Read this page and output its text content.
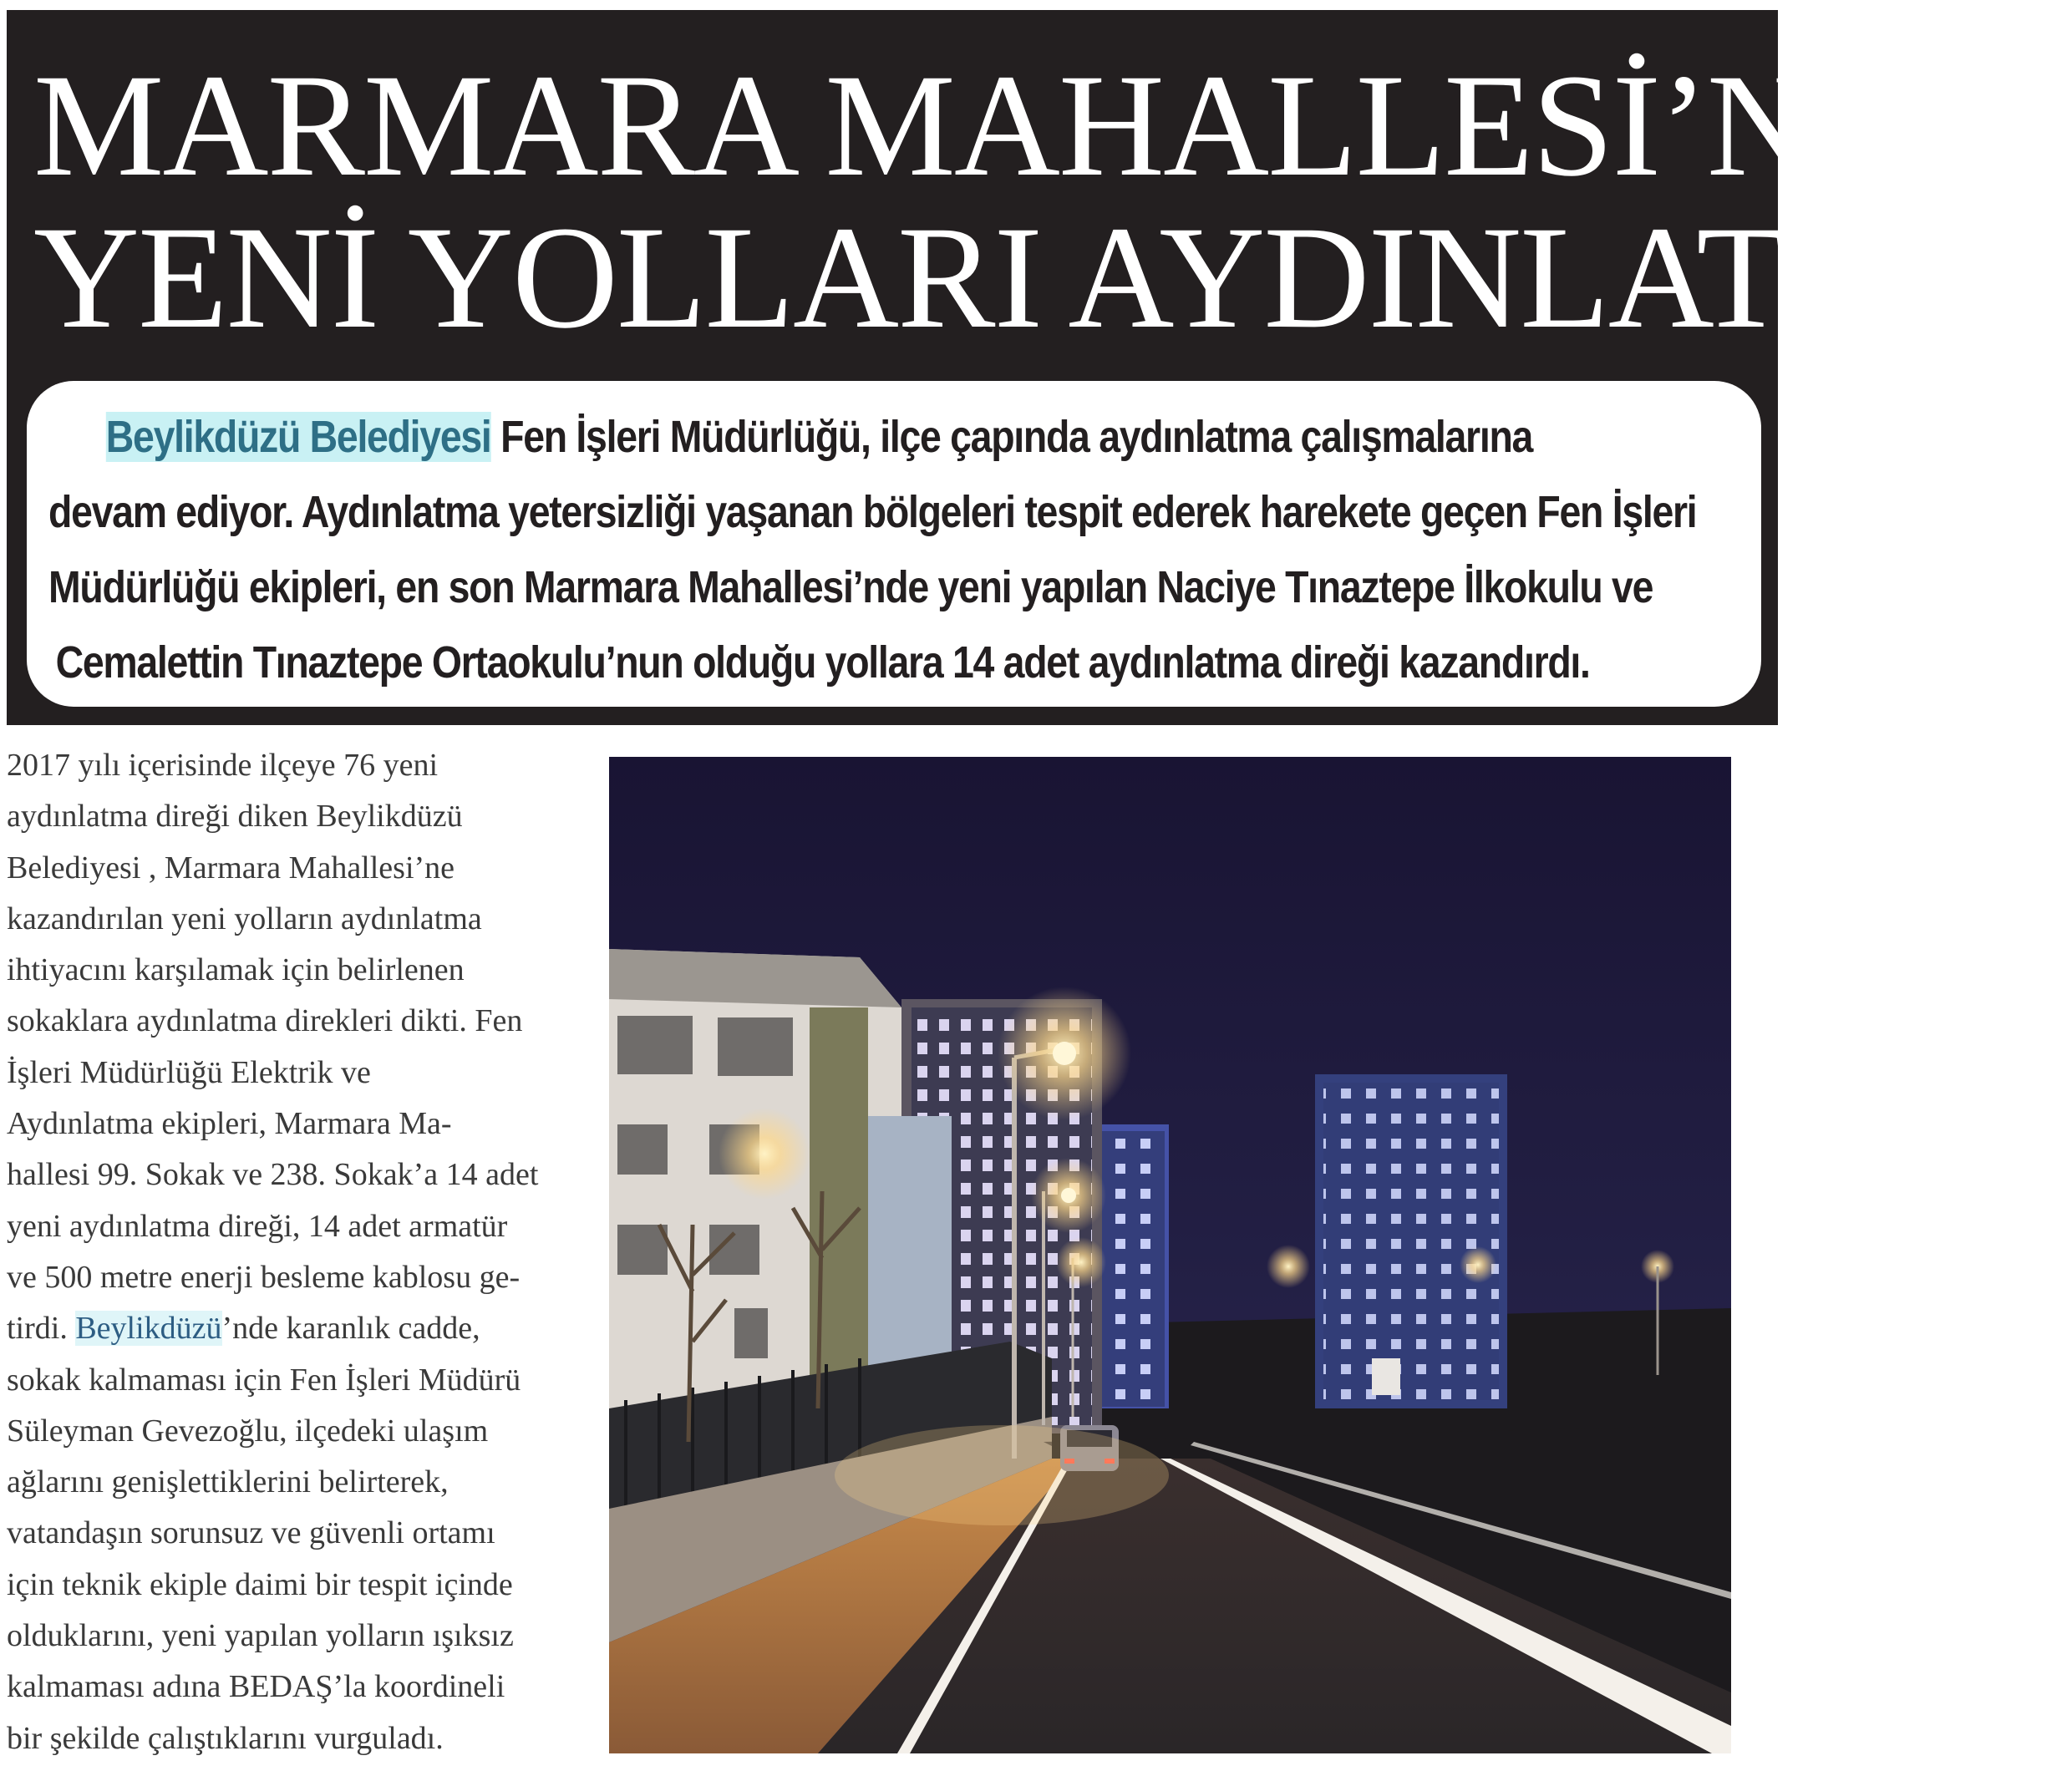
MARMARA MAHALLESİ’NİN
YENİ YOLLARI AYDINLATILDI

Beylikdüzü Belediyesi Fen İşleri Müdürlüğü, ilçe çapında aydınlatma çalışmalarına
devam ediyor. Aydınlatma yetersizliği yaşanan bölgeleri tespit ederek harekete geçen Fen İşleri
Müdürlüğü ekipleri, en son Marmara Mahallesi’nde yeni yapılan Naciye Tınaztepe İlkokulu ve
Cemalettin Tınaztepe Ortaokulu’nun olduğu yollara 14 adet aydınlatma direği kazandırdı.

2017 yılı içerisinde ilçeye 76 yeni
aydınlatma direği diken Beylikdüzü
Belediyesi , Marmara Mahallesi’ne
kazandırılan yeni yolların aydınlatma
ihtiyacını karşılamak için belirlenen
sokaklara aydınlatma direkleri dikti. Fen
İşleri Müdürlüğü Elektrik ve
Aydınlatma ekipleri, Marmara Ma-
hallesi 99. Sokak ve 238. Sokak’a 14 adet
yeni aydınlatma direği, 14 adet armatür
ve 500 metre enerji besleme kablosu ge-
tirdi. Beylikdüzü’nde karanlık cadde,
sokak kalmaması için Fen İşleri Müdürü
Süleyman Gevezoğlu, ilçedeki ulaşım
ağlarını genişlettiklerini belirterek,
vatandaşın sorunsuz ve güvenli ortamı
için teknik ekiple daimi bir tespit içinde
olduklarını, yeni yapılan yolların ışıksız
kalmaması adına BEDAŞ’la koordineli
bir şekilde çalıştıklarını vurguladı.
